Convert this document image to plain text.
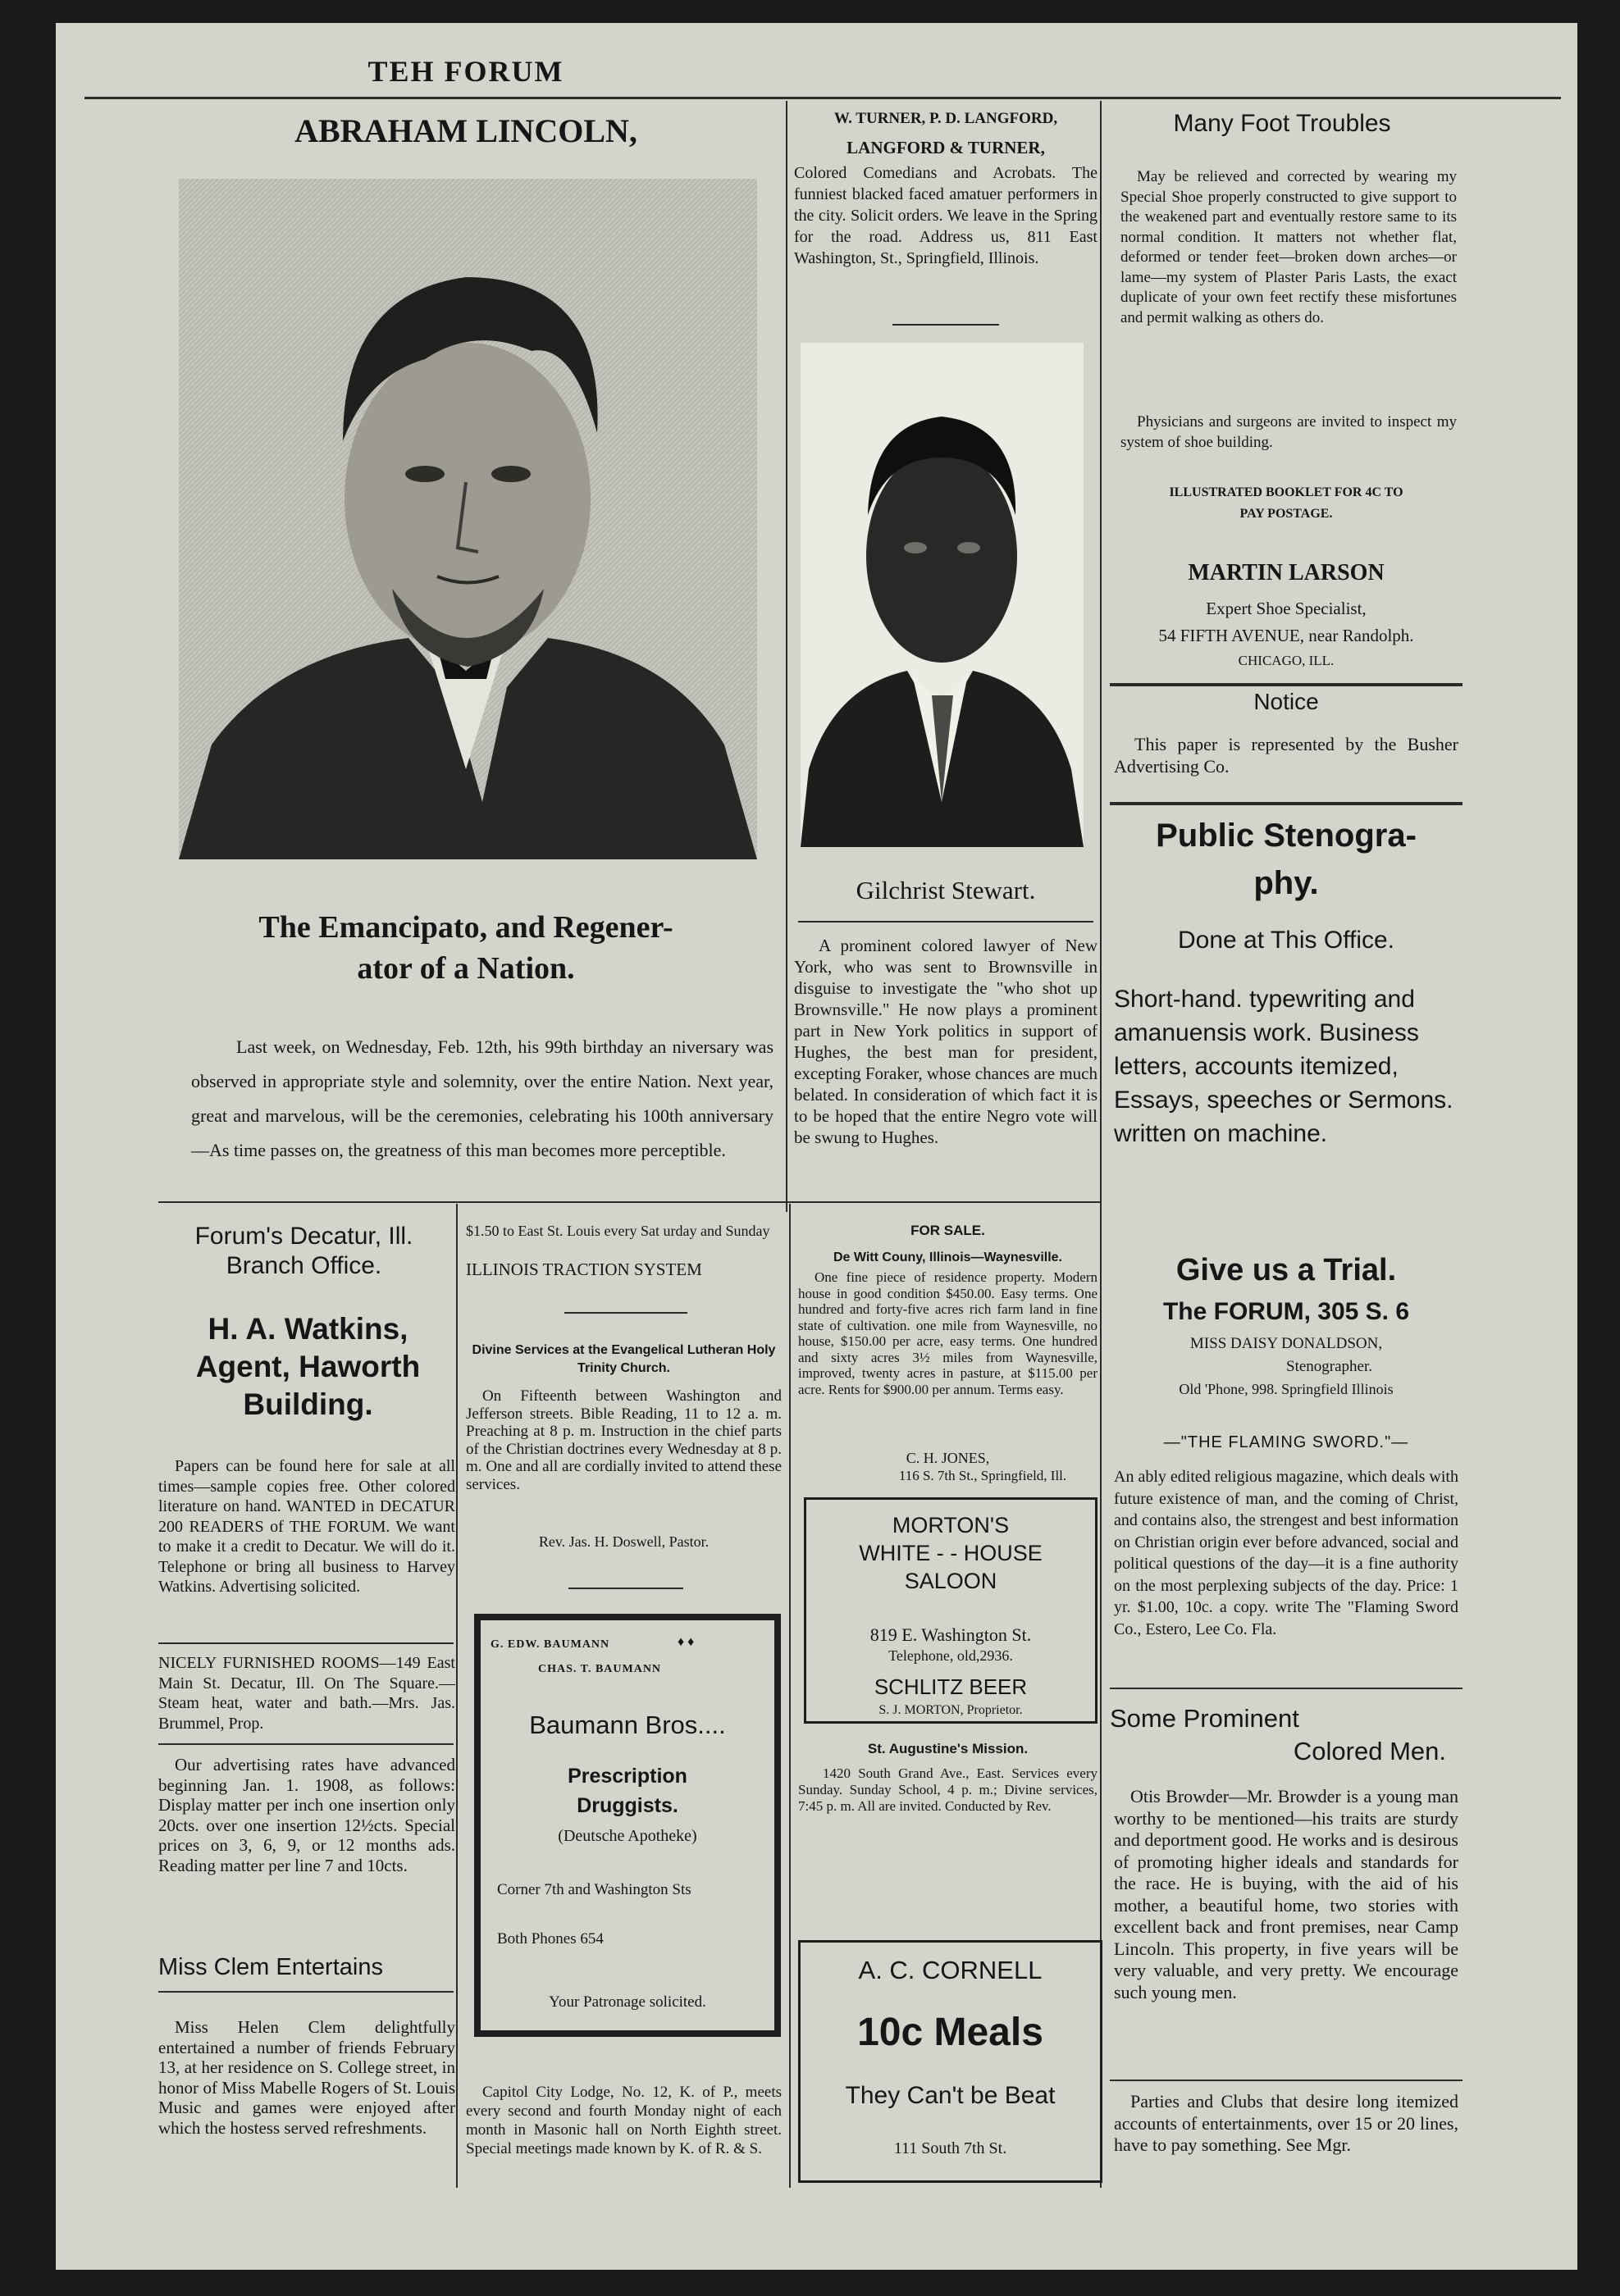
TEH FORUM
ABRAHAM LINCOLN,
The Emancipato, and Regener-
ator of a Nation.
Last week, on Wednesday, Feb. 12th, his 99th birthday an niversary was observed in appropriate style and solemnity, over the entire Nation. Next year, great and marvelous, will be the ceremonies, celebrating his 100th anniversary—As time passes on, the greatness of this man becomes more perceptible.
W. TURNER, P. D. LANGFORD,
LANGFORD & TURNER,
Colored Comedians and Acrobats. The funniest blacked faced amatuer performers in the city. Solicit orders. We leave in the Spring for the road. Address us, 811 East Washington, St., Springfield, Illinois.
Gilchrist Stewart.
A prominent colored lawyer of New York, who was sent to Brownsville in disguise to investigate the "who shot up Brownsville." He now plays a prominent part in New York politics in support of Hughes, the best man for president, excepting Foraker, whose chances are much belated. In consideration of which fact it is to be hoped that the entire Negro vote will be swung to Hughes.
Many Foot Troubles
May be relieved and corrected by wearing my Special Shoe properly constructed to give support to the weakened part and eventually restore same to its normal condition. It matters not whether flat, deformed or tender feet—broken down arches—or lame—my system of Plaster Paris Lasts, the exact duplicate of your own feet rectify these misfortunes and permit walking as others do.
Physicians and surgeons are invited to inspect my system of shoe building.
ILLUSTRATED BOOKLET FOR 4C TO
PAY POSTAGE.
MARTIN LARSON
Expert Shoe Specialist,
54 FIFTH AVENUE, near Randolph.
CHICAGO, ILL.
Notice
This paper is represented by the Busher Advertising Co.
Public Stenogra-
phy.
Done at This Office.
Short-hand. typewriting and amanuensis work. Business letters, accounts itemized, Essays, speeches or Sermons. written on machine.
Give us a Trial.
The FORUM, 305 S. 6
MISS DAISY DONALDSON,
Stenographer.
Old 'Phone, 998. Springfield Illinois
—"THE FLAMING SWORD."—
An ably edited religious magazine, which deals with future existence of man, and the coming of Christ, and contains also, the strengest and best information on Christian origin ever before advanced, social and political questions of the day—it is a fine authority on the most perplexing subjects of the day. Price: 1 yr. $1.00, 10c. a copy. write The "Flaming Sword Co., Estero, Lee Co. Fla.
Some Prominent
Colored Men.
Otis Browder—Mr. Browder is a young man worthy to be mentioned—his traits are sturdy and deportment good. He works and is desirous of promoting higher ideals and standards for the race. He is buying, with the aid of his mother, a beautiful home, two stories with excellent back and front premises, near Camp Lincoln. This property, in five years will be very valuable, and very pretty. We encourage such young men.
Parties and Clubs that desire long itemized accounts of entertainments, over 15 or 20 lines, have to pay something. See Mgr.
Forum's Decatur, Ill.
Branch Office.
H. A. Watkins,
Agent, Haworth
Building.
Papers can be found here for sale at all times—sample copies free. Other colored literature on hand. WANTED in DECATUR 200 READERS of THE FORUM. We want to make it a credit to Decatur. We will do it. Telephone or bring all business to Harvey Watkins. Advertising solicited.
NICELY FURNISHED ROOMS—149 East Main St. Decatur, Ill. On The Square.—Steam heat, water and bath.—Mrs. Jas. Brummel, Prop.
Our advertising rates have advanced beginning Jan. 1. 1908, as follows: Display matter per inch one insertion only 20cts. over one insertion 12½cts. Special prices on 3, 6, 9, or 12 months ads. Reading matter per line 7 and 10cts.
Miss Clem Entertains
Miss Helen Clem delightfully entertained a number of friends February 13, at her residence on S. College street, in honor of Miss Mabelle Rogers of St. Louis Music and games were enjoyed after which the hostess served refreshments.
$1.50 to East St. Louis every Sat urday and Sunday
ILLINOIS TRACTION SYSTEM
Divine Services at the Evangelical Lutheran Holy Trinity Church.
On Fifteenth between Washington and Jefferson streets. Bible Reading, 11 to 12 a. m. Preaching at 8 p. m. Instruction in the chief parts of the Christian doctrines every Wednesday at 8 p. m. One and all are cordially invited to attend these services.
Rev. Jas. H. Doswell, Pastor.
G. EDW. BAUMANN	♦ ♦
CHAS. T. BAUMANN
Baumann Bros....
Prescription
Druggists.
(Deutsche Apotheke)
Corner 7th and Washington Sts
Both Phones 654
Your Patronage solicited.
Capitol City Lodge, No. 12, K. of P., meets every second and fourth Monday night of each month in Masonic hall on North Eighth street. Special meetings made known by K. of R. & S.
FOR SALE.
De Witt Couny, Illinois—Waynesville.
One fine piece of residence property. Modern house in good condition $450.00. Easy terms. One hundred and forty-five acres rich farm land in fine state of cultivation. one mile from Waynesville, no house, $150.00 per acre, easy terms. One hundred and sixty acres 3½ miles from Waynesville, improved, twenty acres in pasture, at $115.00 per acre. Rents for $900.00 per annum. Terms easy.
C. H. JONES,
116 S. 7th St., Springfield, Ill.
MORTON'S
WHITE - - HOUSE
SALOON
819 E. Washington St.
Telephone, old,2936.
SCHLITZ BEER
S. J. MORTON, Proprietor.
St. Augustine's Mission.
1420 South Grand Ave., East. Services every Sunday. Sunday School, 4 p. m.; Divine services, 7:45 p. m. All are invited. Conducted by Rev.
A. C. CORNELL
10c Meals
They Can't be Beat
111 South 7th St.
